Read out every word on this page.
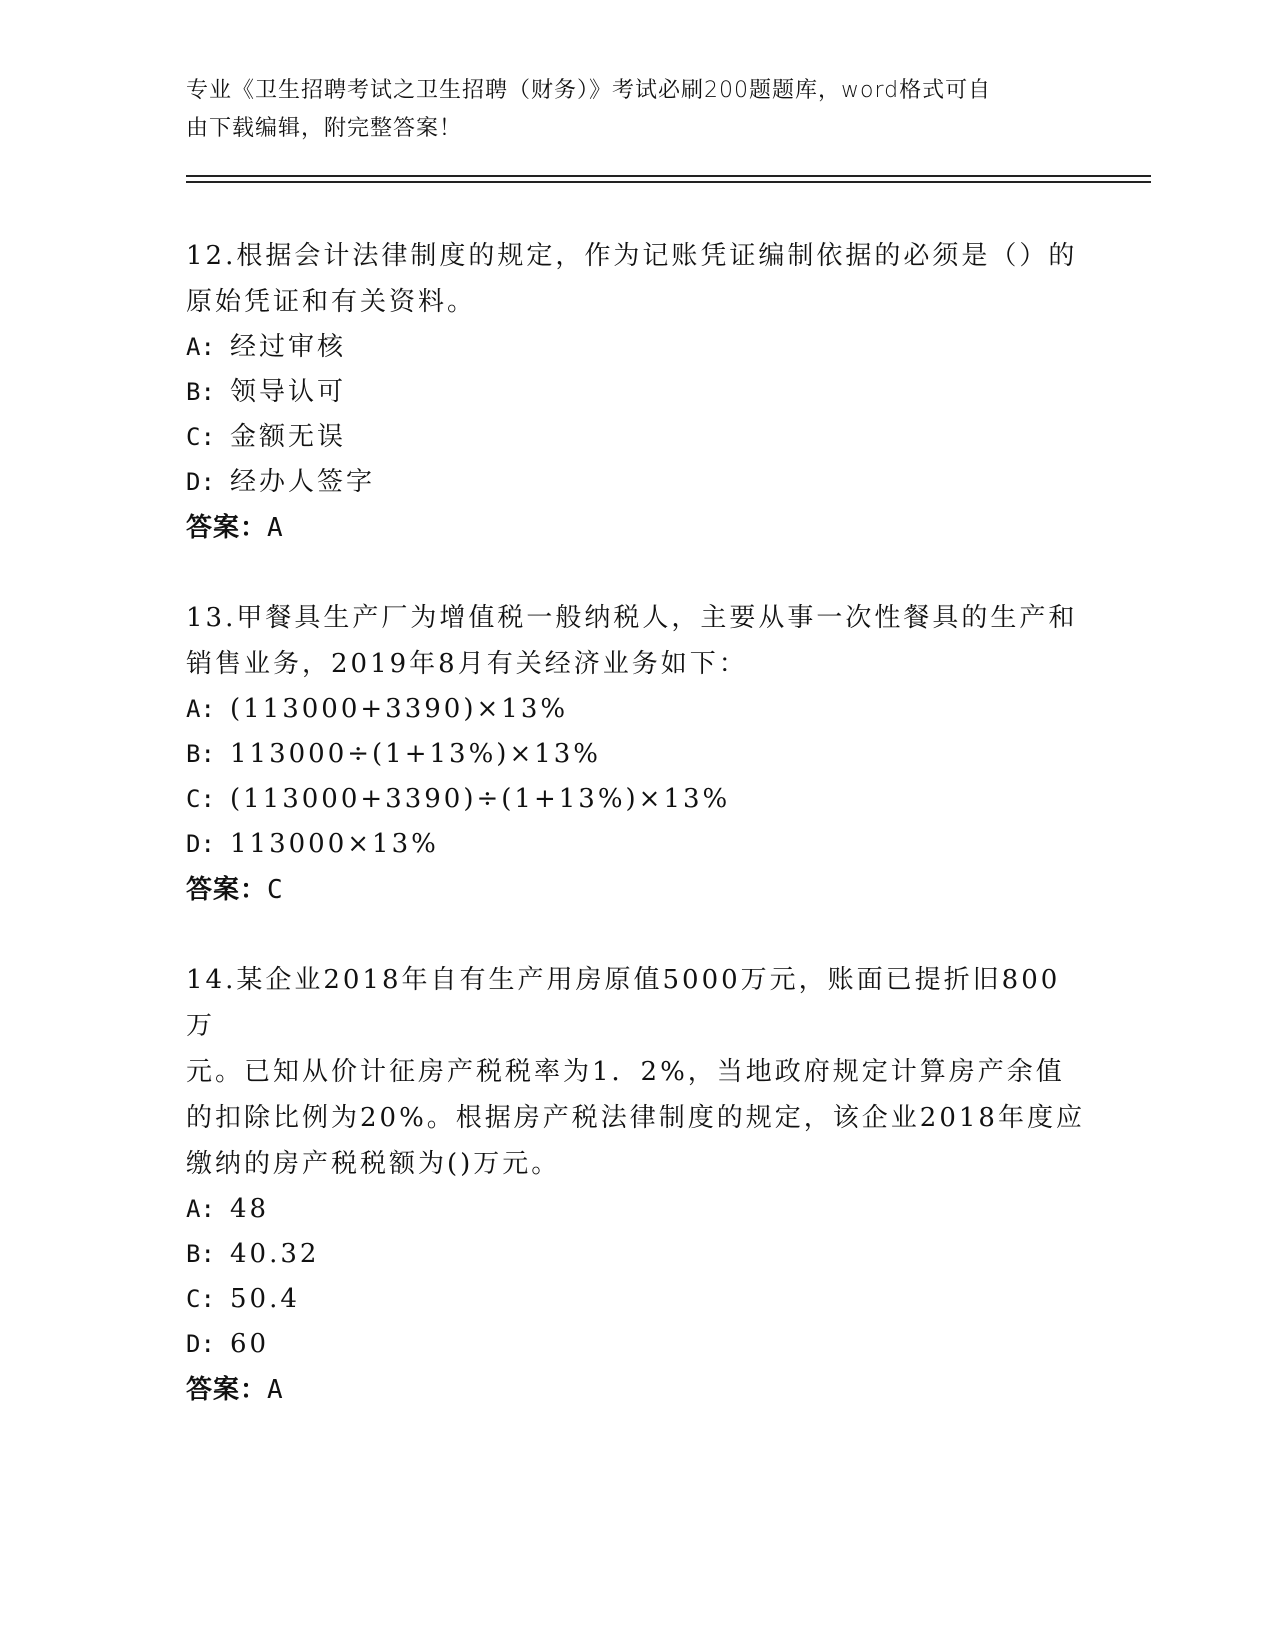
专业《卫生招聘考试之卫生招聘（财务）》考试必刷200题题库，word格式可自
由下载编辑，附完整答案！

12.根据会计法律制度的规定，作为记账凭证编制依据的必须是（）的

原始凭证和有关资料。

A: 经过审核

B: 领导认可

C: 金额无误

D: 经办人签字

答案：A

13.甲餐具生产厂为增值税一般纳税人，主要从事一次性餐具的生产和

销售业务，2019年8月有关经济业务如下：

A: (113000+3390)×13%

B: 113000÷(1+13%)×13%

C: (113000+3390)÷(1+13%)×13%

D: 113000×13%

答案：C

14.某企业2018年自有生产用房原值5000万元，账面已提折旧800万

元。已知从价计征房产税税率为1．2%，当地政府规定计算房产余值

的扣除比例为20%。根据房产税法律制度的规定，该企业2018年度应

缴纳的房产税税额为()万元。

A: 48

B: 40.32

C: 50.4

D: 60

答案：A
